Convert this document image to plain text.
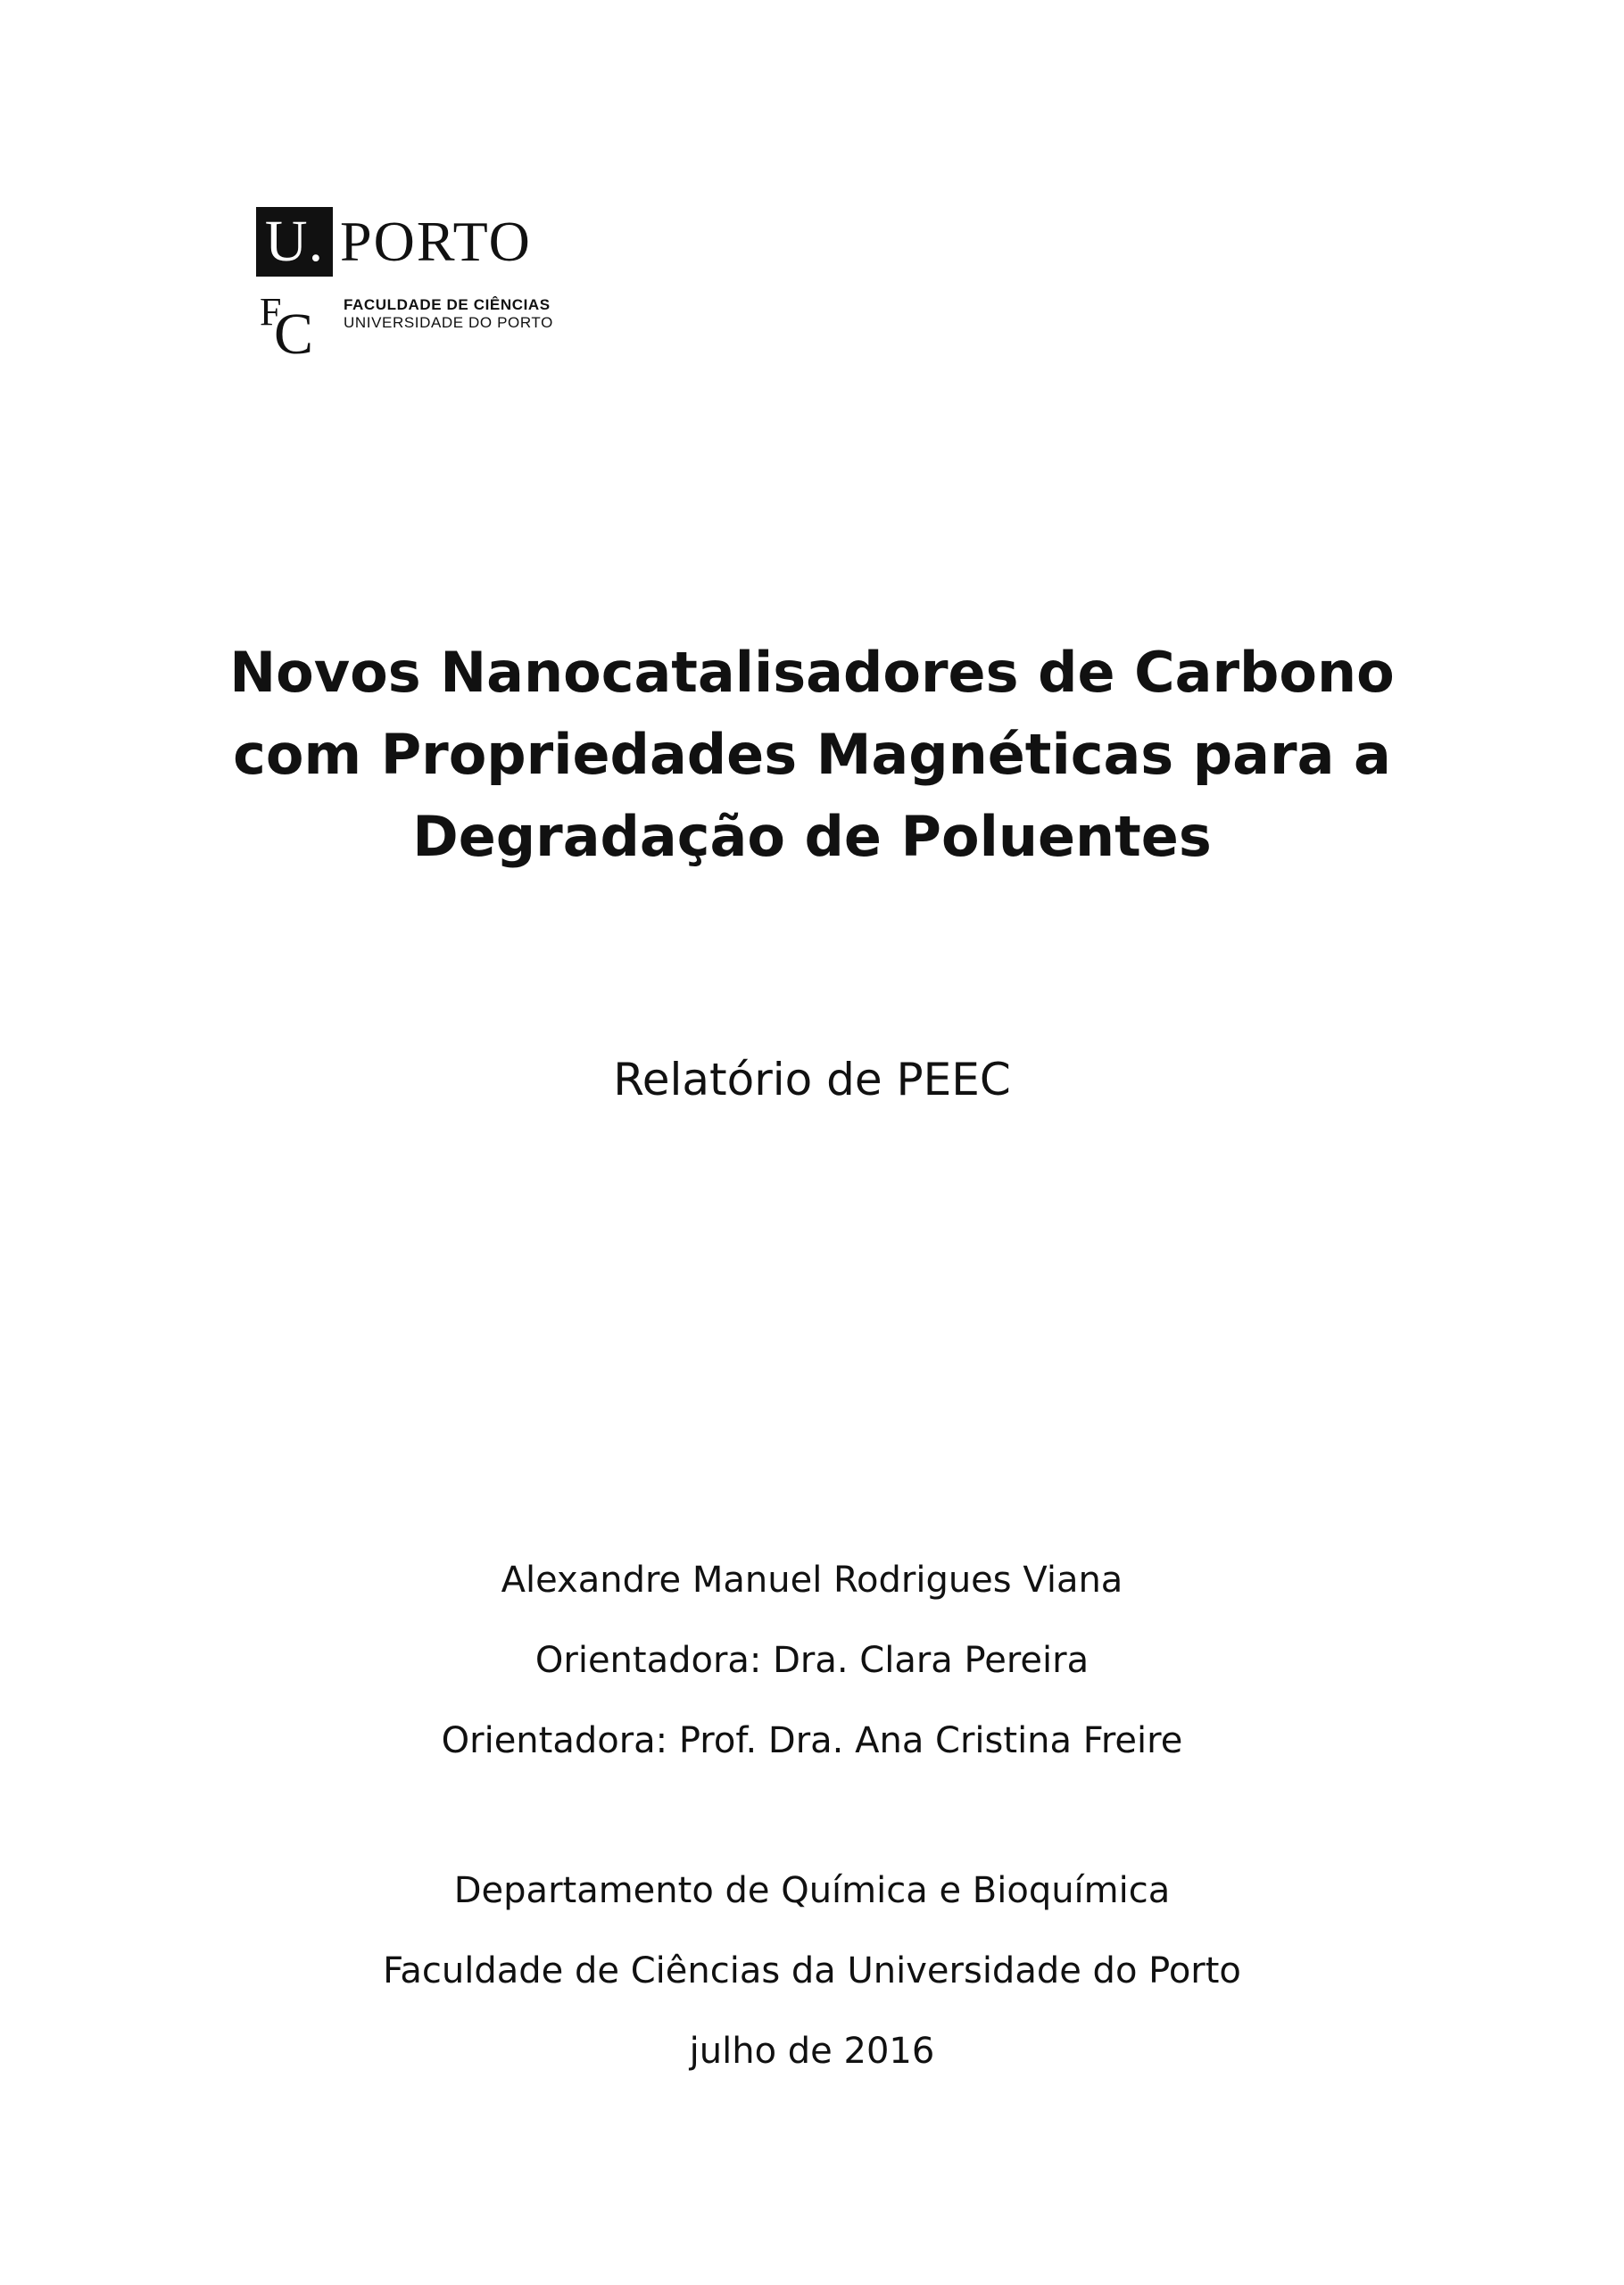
U. PORTO
F
C FACULDADE DE CIÊNCIAS
UNIVERSIDADE DO PORTO
Novos Nanocatalisadores de Carbono
com Propriedades Magnéticas para a
Degradação de Poluentes
Relatório de PEEC
Alexandre Manuel Rodrigues Viana
Orientadora: Dra. Clara Pereira
Orientadora: Prof. Dra. Ana Cristina Freire
Departamento de Química e Bioquímica
Faculdade de Ciências da Universidade do Porto
julho de 2016
